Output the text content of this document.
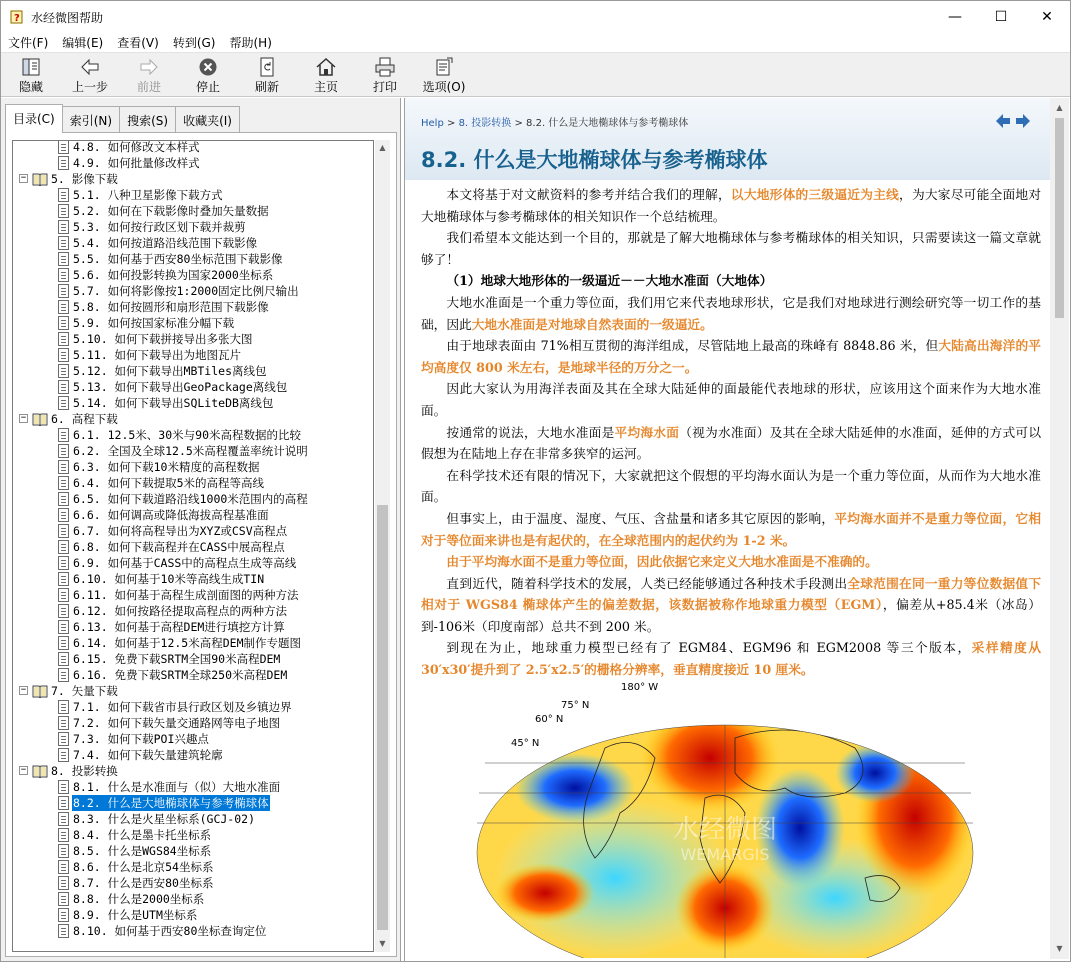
? 水经微图帮助	—	☐	✕
文件(F)	编辑(E)	查看(V)	转到(G)	帮助(H)
隐藏	上一步	前进	停止	刷新	主页	打印	选项(O)
目录(C)	索引(N)	搜索(S)	收藏夹(I)
4.8. 如何修改文本样式
4.9. 如何批量修改样式
− 5. 影像下载
5.1. 八种卫星影像下载方式
5.2. 如何在下载影像时叠加矢量数据
5.3. 如何按行政区划下载并裁剪
5.4. 如何按道路沿线范围下载影像
5.5. 如何基于西安80坐标范围下载影像
5.6. 如何投影转换为国家2000坐标系
5.7. 如何将影像按1:2000固定比例尺输出
5.8. 如何按圆形和扇形范围下载影像
5.9. 如何按国家标准分幅下载
5.10. 如何下载拼接导出多张大图
5.11. 如何下载导出为地图瓦片
5.12. 如何下载导出MBTiles离线包
5.13. 如何下载导出GeoPackage离线包
5.14. 如何下载导出SQLiteDB离线包
− 6. 高程下载
6.1. 12.5米、30米与90米高程数据的比较
6.2. 全国及全球12.5米高程覆盖率统计说明
6.3. 如何下载10米精度的高程数据
6.4. 如何下载提取5米的高程等高线
6.5. 如何下载道路沿线1000米范围内的高程
6.6. 如何调高或降低海拔高程基准面
6.7. 如何将高程导出为XYZ或CSV高程点
6.8. 如何下载高程并在CASS中展高程点
6.9. 如何基于CASS中的高程点生成等高线
6.10. 如何基于10米等高线生成TIN
6.11. 如何基于高程生成剖面图的两种方法
6.12. 如何按路径提取高程点的两种方法
6.13. 如何基于高程DEM进行填挖方计算
6.14. 如何基于12.5米高程DEM制作专题图
6.15. 免费下载SRTM全国90米高程DEM
6.16. 免费下载SRTM全球250米高程DEM
− 7. 矢量下载
7.1. 如何下载省市县行政区划及乡镇边界
7.2. 如何下载矢量交通路网等电子地图
7.3. 如何下载POI兴趣点
7.4. 如何下载矢量建筑轮廓
− 8. 投影转换
8.1. 什么是水准面与（似）大地水准面
8.2. 什么是大地椭球体与参考椭球体
8.3. 什么是火星坐标系(GCJ-02)
8.4. 什么是墨卡托坐标系
8.5. 什么是WGS84坐标系
8.6. 什么是北京54坐标系
8.7. 什么是西安80坐标系
8.8. 什么是2000坐标系
8.9. 什么是UTM坐标系
8.10. 如何基于西安80坐标查询定位
▲
▼
Help > 8. 投影转换 > 8.2. 什么是大地椭球体与参考椭球体

8.2. 什么是大地椭球体与参考椭球体

本文将基于对文献资料的参考并结合我们的理解，以大地形体的三级逼近为主线，为大家尽可能全面地对大地椭球体与参考椭球体的相关知识作一个总结梳理。

我们希望本文能达到一个目的，那就是了解大地椭球体与参考椭球体的相关知识，只需要读这一篇文章就够了！

（1）地球大地形体的一级逼近－－大地水准面（大地体）

大地水准面是一个重力等位面，我们用它来代表地球形状，它是我们对地球进行测绘研究等一切工作的基础，因此大地水准面是对地球自然表面的一级逼近。

由于地球表面由 71%相互贯彻的海洋组成，尽管陆地上最高的珠峰有 8848.86 米，但大陆高出海洋的平均高度仅 800 米左右，是地球半径的万分之一。

因此大家认为用海洋表面及其在全球大陆延伸的面最能代表地球的形状，应该用这个面来作为大地水准面。

按通常的说法，大地水准面是平均海水面（视为水准面）及其在全球大陆延伸的水准面，延伸的方式可以假想为在陆地上存在非常多狭窄的运河。

在科学技术还有限的情况下，大家就把这个假想的平均海水面认为是一个重力等位面，从而作为大地水准面。

但事实上，由于温度、湿度、气压、含盐量和诸多其它原因的影响，平均海水面并不是重力等位面，它相对于等位面来讲也是有起伏的，在全球范围内的起伏约为 1-2 米。

由于平均海水面不是重力等位面，因此依据它来定义大地水准面是不准确的。

直到近代，随着科学技术的发展，人类已经能够通过各种技术手段测出全球范围在同一重力等位数据值下相对于 WGS84 椭球体产生的偏差数据，该数据被称作地球重力模型（EGM），偏差从+85.4米（冰岛）到-106米（印度南部）总共不到 200 米。

到现在为止，地球重力模型已经有了 EGM84、EGM96 和 EGM2008 等三个版本，采样精度从 30′x30′提升到了 2.5′x2.5′的栅格分辨率，垂直精度接近 10 厘米。

180° W
75° N
60° N
45° N
水经微图
WEMARGIS
▲
▼
